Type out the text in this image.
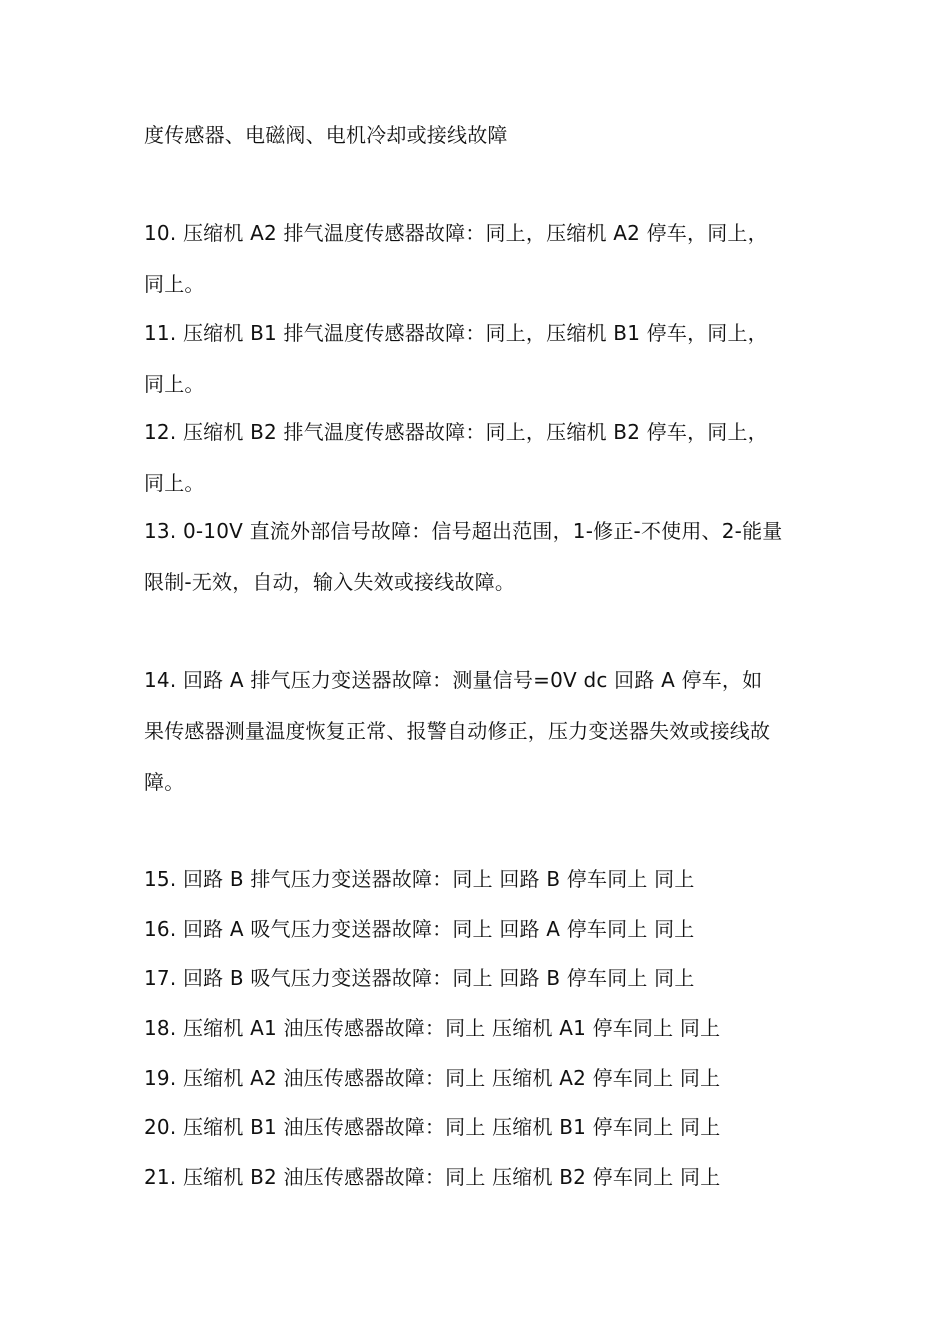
度传感器、电磁阀、电机冷却或接线故障
10. 压缩机 A2 排气温度传感器故障：同上，压缩机 A2 停车，同上，
同上。
11. 压缩机 B1 排气温度传感器故障：同上，压缩机 B1 停车，同上，
同上。
12. 压缩机 B2 排气温度传感器故障：同上，压缩机 B2 停车，同上，
同上。
13. 0-10V 直流外部信号故障：信号超出范围，1-修正-不使用、2-能量
限制-无效，自动，输入失效或接线故障。
14. 回路 A 排气压力变送器故障：测量信号=0V dc 回路 A 停车，如
果传感器测量温度恢复正常、报警自动修正，压力变送器失效或接线故
障。
15. 回路 B 排气压力变送器故障：同上 回路 B 停车同上 同上
16. 回路 A 吸气压力变送器故障：同上 回路 A 停车同上 同上
17. 回路 B 吸气压力变送器故障：同上 回路 B 停车同上 同上
18. 压缩机 A1 油压传感器故障：同上 压缩机 A1 停车同上 同上
19. 压缩机 A2 油压传感器故障：同上 压缩机 A2 停车同上 同上
20. 压缩机 B1 油压传感器故障：同上 压缩机 B1 停车同上 同上
21. 压缩机 B2 油压传感器故障：同上 压缩机 B2 停车同上 同上
